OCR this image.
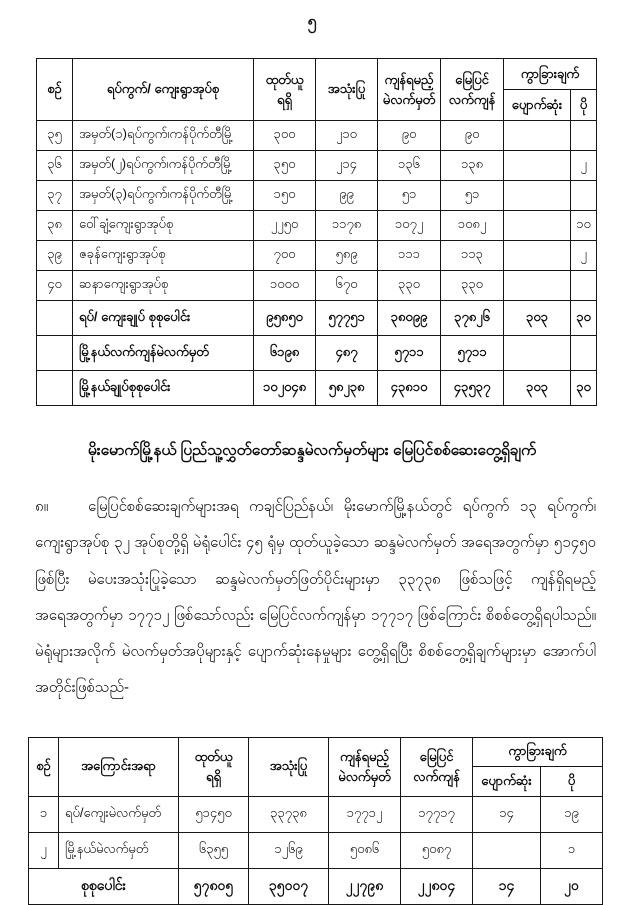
၅
စဉ်	ရပ်ကွက်/ ကျေးရွာအုပ်စု	
ထုတ်ယူ
ရရှိ
	အသုံးပြု	
ကျန်ရမည့်
မဲလက်မှတ်

မြေပြင်
လက်ကျန်
	ကွာခြားချက်
						ပျောက်ဆုံး	ပို
၃၅	အမှတ်(၁)ရပ်ကွက်၊ကန်ပိုက်တီမြို့	၃၀၀	၂၁၀	၉၀	၉၀		
၃၆	အမှတ်(၂)ရပ်ကွက်၊ကန်ပိုက်တီမြို့	၃၅၀	၂၁၄	၁၃၆	၁၃၈		၂
၃၇	အမှတ်(၃)ရပ်ကွက်၊ကန်ပိုက်တီမြို့	၁၅၀	၉၉	၅၁	၅၁		
၃၈	ဝေါ်ချံ့ကျေးရွာအုပ်စု	၂၂၅၀	၁၁၇၈	၁၀၇၂	၁၀၈၂		၁၀
၃၉	ဇခုန်ကျေးရွာအုပ်စု	၇၀၀	၅၈၉	၁၁၁	၁၁၃		၂
၄၀	ဆနာကျေးရွာအုပ်စု	၁၀၀၀	၆၇၀	၃၃၀	၃၃၀		
	ရပ်/ ကျေးချုပ် စုစုပေါင်း	၉၅၈၅၀	၅၇၇၅၁	၃၈၀၉၉	၃၇၈၂၆	၃၀၃	၃၀
	မြို့နယ်လက်ကျန်မဲလက်မှတ်	၆၁၉၈	၄၈၇	၅၇၁၁	၅၇၁၁		
	မြို့နယ်ချုပ်စုစုပေါင်း	၁၀၂၀၄၈	၅၈၂၃၈	၄၃၈၁၀	၄၃၅၃၇	၃၀၃	၃၀
မိုးမောက်မြို့နယ် ပြည်သူ့လွှတ်တော်ဆန္ဒမဲလက်မှတ်များ မြေပြင်စစ်ဆေးတွေ့ရှိချက်
၈။	မြေပြင်စစ်ဆေးချက်များအရ ကချင်ပြည်နယ်၊ မိုးမောက်မြို့နယ်တွင် ရပ်ကွက် ၁၃ ရပ်ကွက်၊ ကျေးရွာအုပ်စု ၃၂ အုပ်စုတို့ရှိ မဲရုံပေါင်း ၄၅ ရုံမှ ထုတ်ယူခဲ့သော ဆန္ဒမဲလက်မှတ် အရေအတွက်မှာ ၅၁၄၅၀ ဖြစ်ပြီး မဲပေးအသုံးပြုခဲ့သော ဆန္ဒမဲလက်မှတ်ဖြတ်ပိုင်းများမှာ ၃၃၇၃၈ ဖြစ်သဖြင့် ကျန်ရှိရမည့် အရေအတွက်မှာ ၁၇၇၁၂ ဖြစ်သော်လည်း မြေပြင်လက်ကျန်မှာ ၁၇၇၁၇ ဖြစ်ကြောင်း စိစစ်တွေ့ရှိရပါသည်။ မဲရုံများအလိုက် မဲလက်မှတ်အပိုများနှင့် ပျောက်ဆုံးနေမှုများ တွေ့ရှိရပြီး စိစစ်တွေ့ရှိချက်များမှာ အောက်ပါအတိုင်းဖြစ်သည်-
စဉ်	အကြောင်းအရာ	
ထုတ်ယူ
ရရှိ
	အသုံးပြု	
ကျန်ရမည့်
မဲလက်မှတ်

မြေပြင်
လက်ကျန်
	ကွာခြားချက်
						ပျောက်ဆုံး	ပို
၁	ရပ်/ကျေးမဲလက်မှတ်	၅၁၄၅၀	၃၃၇၃၈	၁၇၇၁၂	၁၇၇၁၇	၁၄	၁၉
၂	မြို့နယ်မဲလက်မှတ်	၆၃၅၅	၁၂၆၉	၅၀၈၆	၅၀၈၇		၁
စုစုပေါင်း		၅၇၈၀၅	၃၅၀၀၇	၂၂၇၉၈	၂၂၈၀၄	၁၄	၂၀
